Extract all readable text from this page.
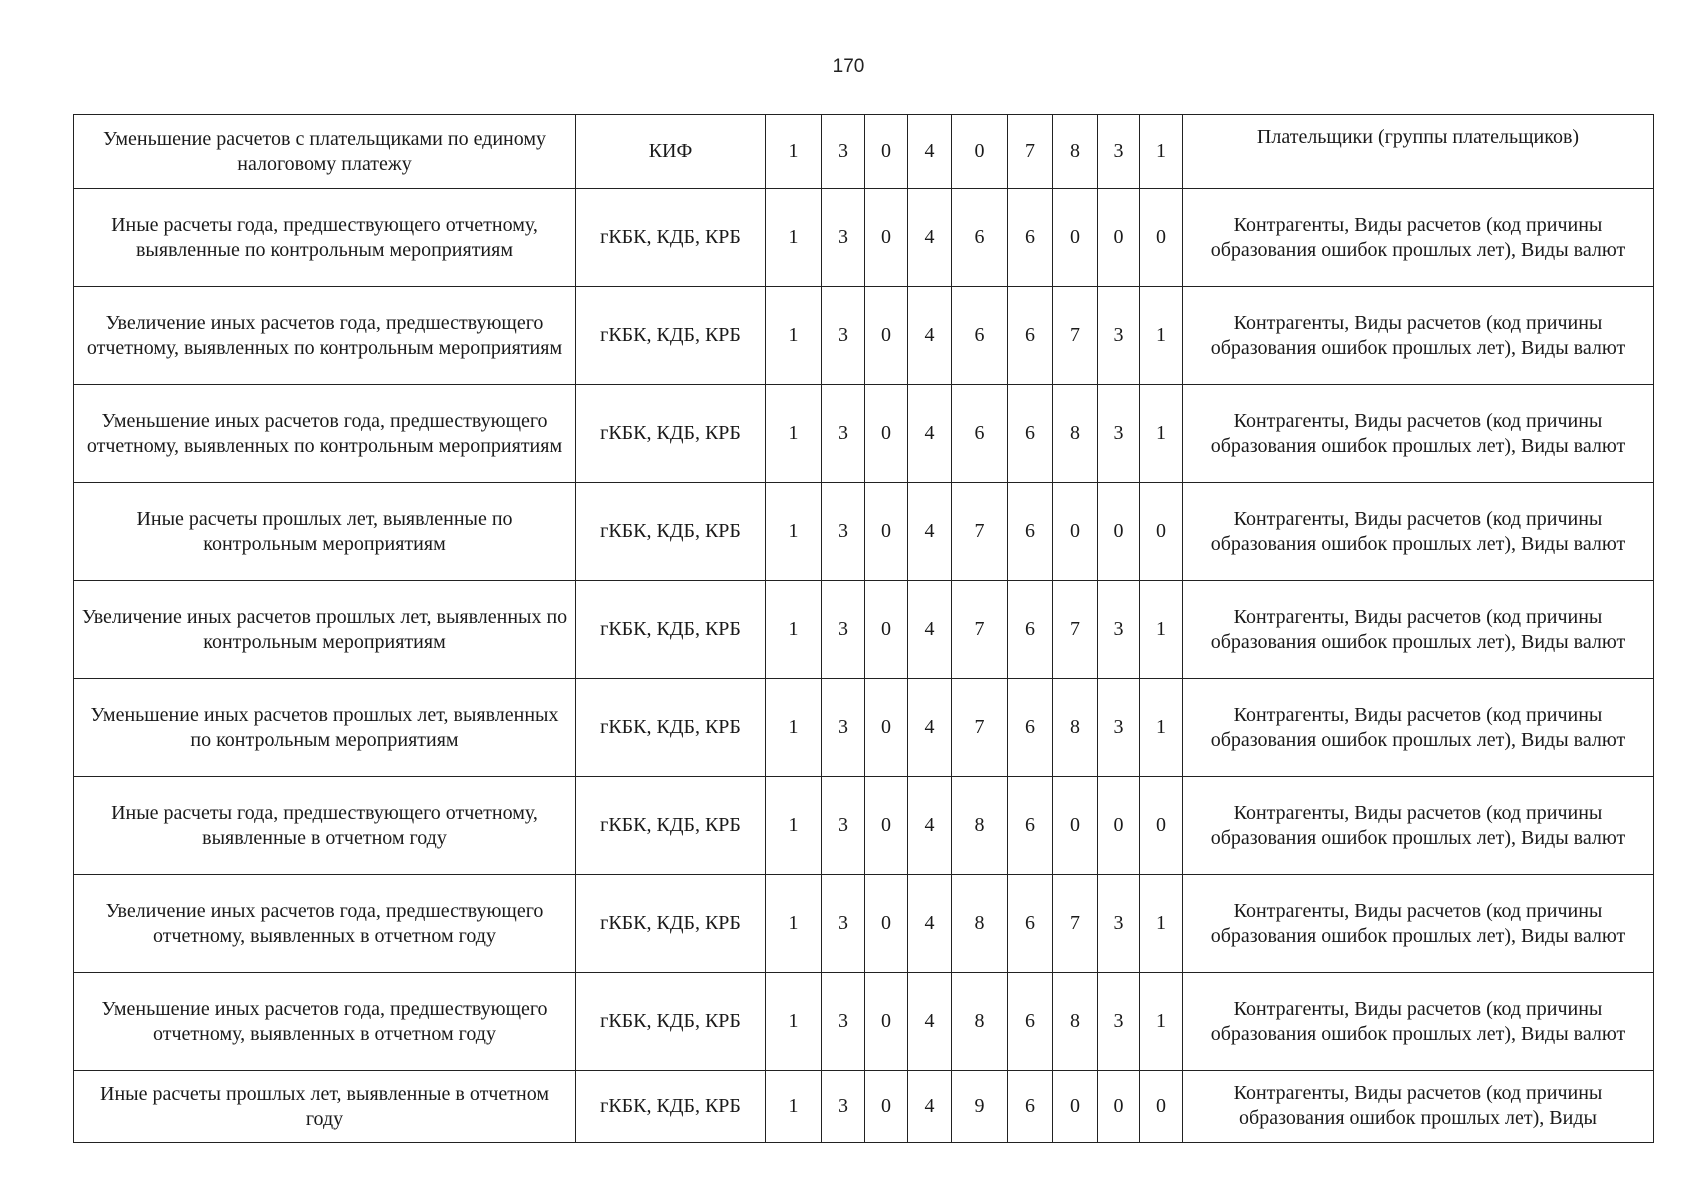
170
Уменьшение расчетов с плательщиками по единому налоговому платежу	КИФ	1	3	0	4	0	7	8	3	1	Плательщики (группы плательщиков)
Иные расчеты года, предшествующего отчетному, выявленные по контрольным мероприятиям	гКБК, КДБ, КРБ	1	3	0	4	6	6	0	0	0	Контрагенты, Виды расчетов (код причины образования ошибок прошлых лет), Виды валют
Увеличение иных расчетов года, предшествующего отчетному, выявленных по контрольным мероприятиям	гКБК, КДБ, КРБ	1	3	0	4	6	6	7	3	1	Контрагенты, Виды расчетов (код причины образования ошибок прошлых лет), Виды валют
Уменьшение иных расчетов года, предшествующего отчетному, выявленных по контрольным мероприятиям	гКБК, КДБ, КРБ	1	3	0	4	6	6	8	3	1	Контрагенты, Виды расчетов (код причины образования ошибок прошлых лет), Виды валют
Иные расчеты прошлых лет, выявленные по контрольным мероприятиям	гКБК, КДБ, КРБ	1	3	0	4	7	6	0	0	0	Контрагенты, Виды расчетов (код причины образования ошибок прошлых лет), Виды валют
Увеличение иных расчетов прошлых лет, выявленных по контрольным мероприятиям	гКБК, КДБ, КРБ	1	3	0	4	7	6	7	3	1	Контрагенты, Виды расчетов (код причины образования ошибок прошлых лет), Виды валют
Уменьшение иных расчетов прошлых лет, выявленных по контрольным мероприятиям	гКБК, КДБ, КРБ	1	3	0	4	7	6	8	3	1	Контрагенты, Виды расчетов (код причины образования ошибок прошлых лет), Виды валют
Иные расчеты года, предшествующего отчетному, выявленные в отчетном году	гКБК, КДБ, КРБ	1	3	0	4	8	6	0	0	0	Контрагенты, Виды расчетов (код причины образования ошибок прошлых лет), Виды валют
Увеличение иных расчетов года, предшествующего отчетному, выявленных в отчетном году	гКБК, КДБ, КРБ	1	3	0	4	8	6	7	3	1	Контрагенты, Виды расчетов (код причины образования ошибок прошлых лет), Виды валют
Уменьшение иных расчетов года, предшествующего отчетному, выявленных в отчетном году	гКБК, КДБ, КРБ	1	3	0	4	8	6	8	3	1	Контрагенты, Виды расчетов (код причины образования ошибок прошлых лет), Виды валют
Иные расчеты прошлых лет, выявленные в отчетном году	гКБК, КДБ, КРБ	1	3	0	4	9	6	0	0	0	Контрагенты, Виды расчетов (код причины образования ошибок прошлых лет), Виды
